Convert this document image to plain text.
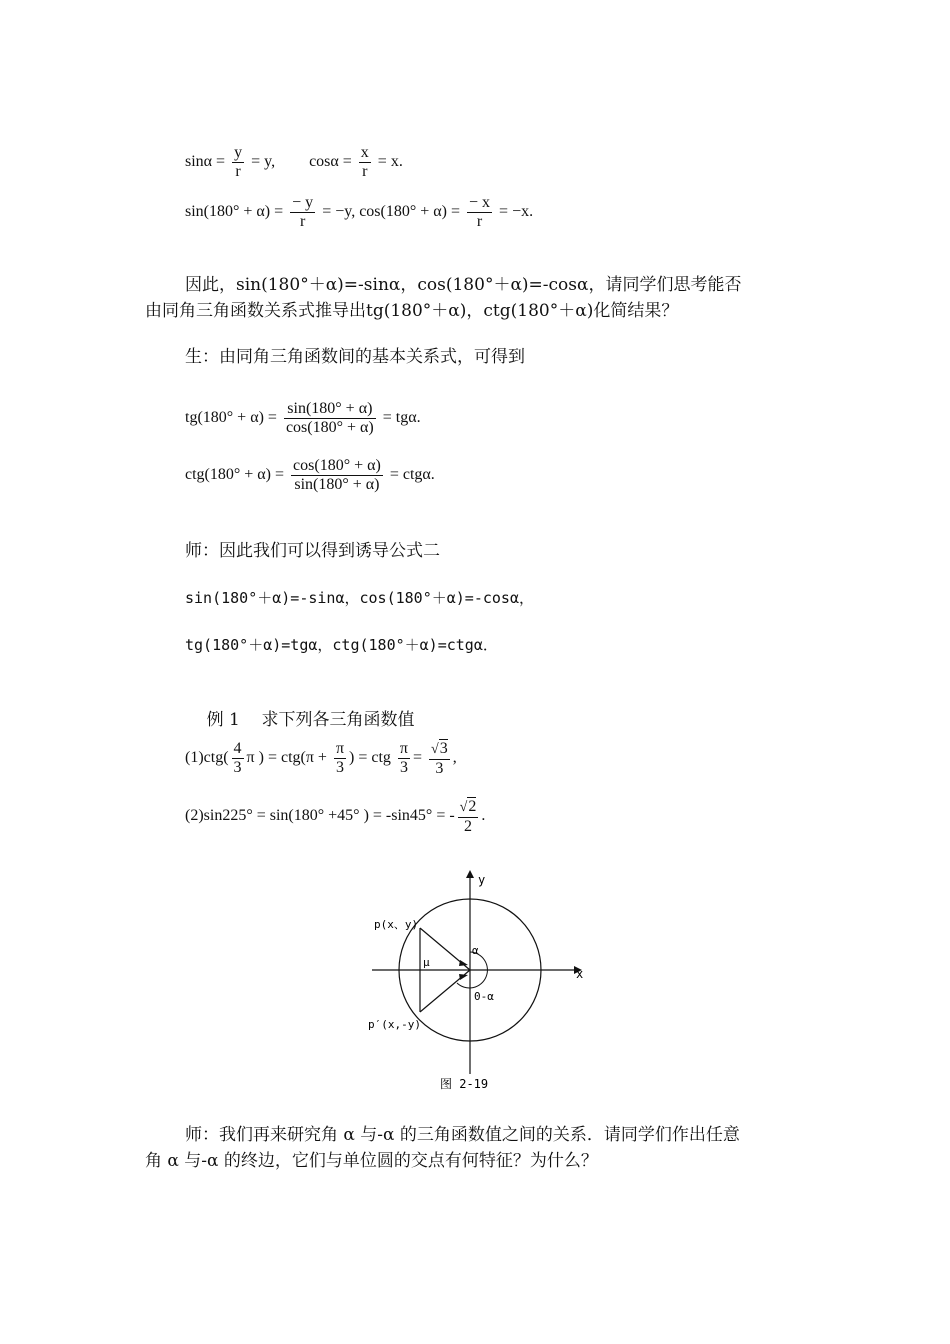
$\sin\alpha = \frac{y}{r} = y$, $\cos\alpha = \frac{x}{r} = x$.
$\sin(180^\circ + \alpha) = \frac{- y}{r} = -y$, $\cos(180^\circ + \alpha) = \frac{- x}{r} = -x$.
因此，sin(180°＋α)=-sinα，cos(180°＋α)=-cosα，请同学们思考能否
由同角三角函数关系式推导出tg(180°＋α)，ctg(180°＋α)化简结果？
生：由同角三角函数间的基本关系式，可得到
$tg(180^\circ + \alpha) = \frac{\sin(180^\circ + \alpha)}{\cos(180^\circ + \alpha)} = tg\alpha$.
$ctg(180^\circ + \alpha) = \frac{\cos(180^\circ + \alpha)}{\sin(180^\circ + \alpha)} = ctg\alpha$.
师：因此我们可以得到诱导公式二
sin(180°＋α)=-sinα，cos(180°＋α)=-cosα，
tg(180°＋α)=tgα，ctg(180°＋α)=ctgα．

例 1    求下列各三角函数值

$(1)ctg( \frac{4}{3}$ π ) = $ctg(\pi + \frac{\pi}{3}$ ) = ctg $\frac{\pi}{3} = \frac{√3}{3}$ ,
(2)sin225° = sin(180° +45° ) = -sin45° = - $\frac{√2}{2}$ .
y
x
p(x、y)
p′(x,-y)
α
μ
0-α
图 2-19
师：我们再来研究角 α 与-α 的三角函数值之间的关系．请同学们作出任意
角 α 与-α 的终边，它们与单位圆的交点有何特征？为什么？
